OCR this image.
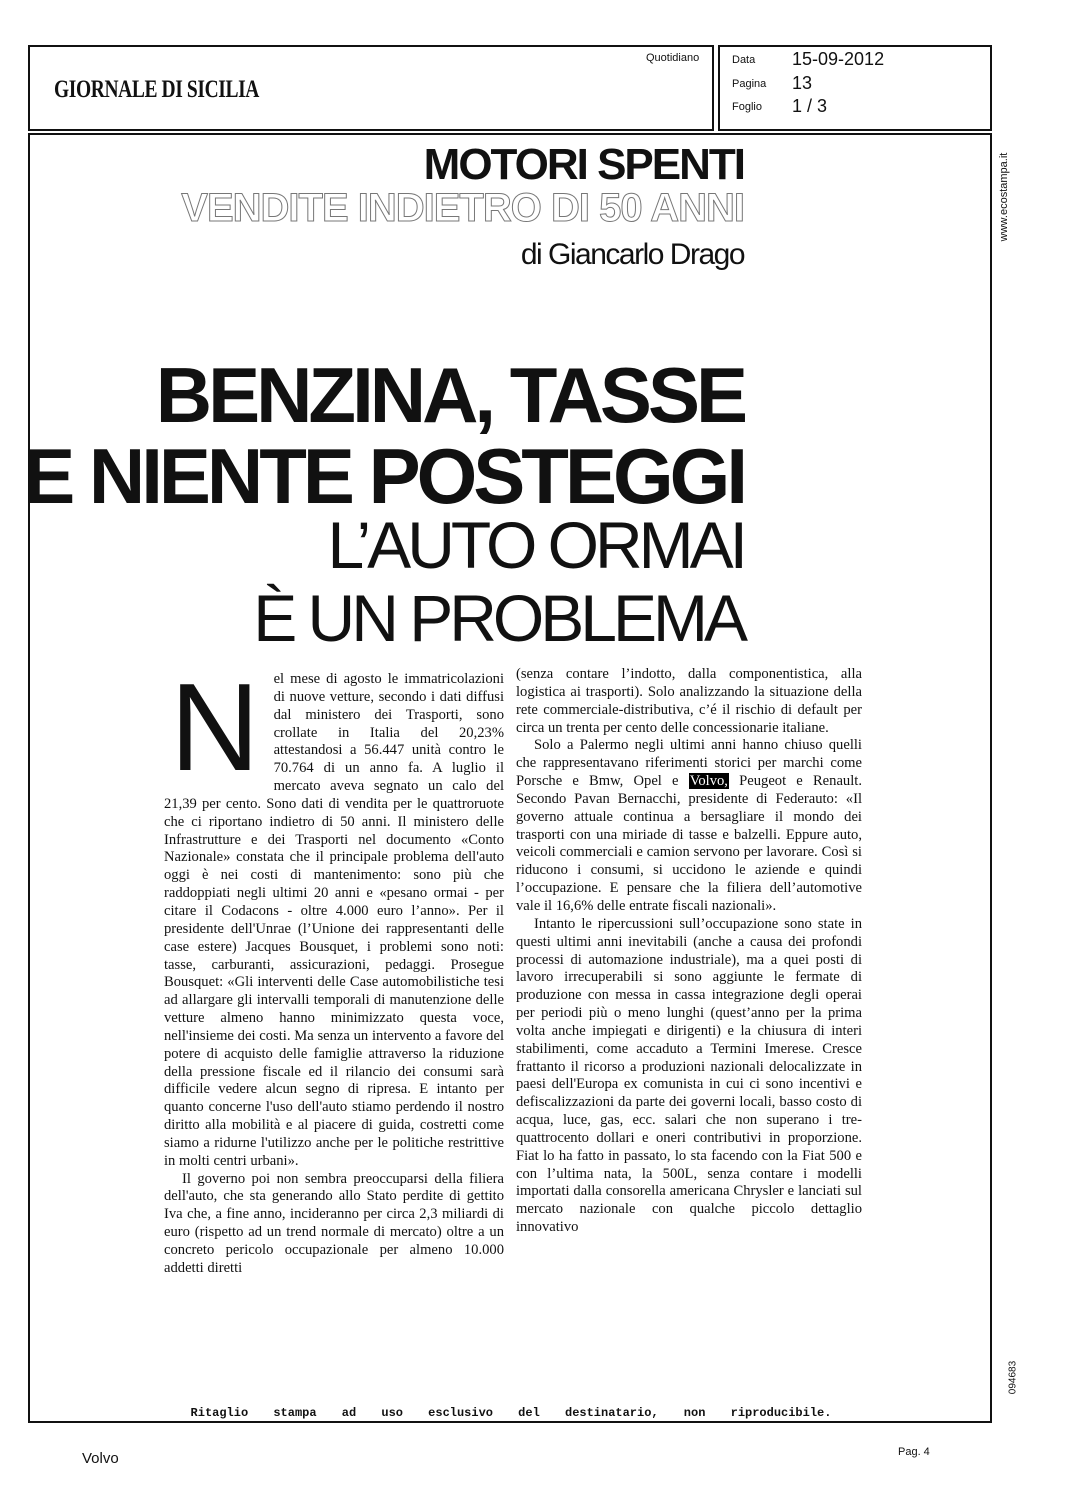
GIORNALE DI SICILIA
Quotidiano	Data 15-09-2012
Pagina 13
Foglio 1 / 3
MOTORI SPENTI
VENDITE INDIETRO DI 50 ANNI
di Giancarlo Drago
BENZINA, TASSE
E NIENTE POSTEGGI
L’AUTO ORMAI
È UN PROBLEMA

Nel mese di agosto le immatricolazioni di nuove vetture, secondo i dati diffusi dal ministero dei Trasporti, sono crollate in Italia del 20,23% attestandosi a 56.447 unità contro le 70.764 di un anno fa. A luglio il mercato aveva segnato un calo del 21,39 per cento. Sono dati di vendita per le quattroruote che ci riportano indietro di 50 anni. Il ministero delle Infrastrutture e dei Trasporti nel documento «Conto Nazionale» constata che il principale problema dell'auto oggi è nei costi di mantenimento: sono più che raddoppiati negli ultimi 20 anni e «pesano ormai - per citare il Codacons - oltre 4.000 euro l’anno». Per il presidente dell'Unrae (l’Unione dei rappresentanti delle case estere) Jacques Bousquet, i problemi sono noti: tasse, carburanti, assicurazioni, pedaggi. Prosegue Bousquet: «Gli interventi delle Case automobilistiche tesi ad allargare gli intervalli temporali di manutenzione delle vetture almeno hanno minimizzato questa voce, nell'insieme dei costi. Ma senza un intervento a favore del potere di acquisto delle famiglie attraverso la riduzione della pressione fiscale ed il rilancio dei consumi sarà difficile vedere alcun segno di ripresa. E intanto per quanto concerne l'uso dell'auto stiamo perdendo il nostro diritto alla mobilità e al piacere di guida, costretti come siamo a ridurne l'utilizzo anche per le politiche restrittive in molti centri urbani».

Il governo poi non sembra preoccuparsi della filiera dell'auto, che sta generando allo Stato perdite di gettito Iva che, a fine anno, incideranno per circa 2,3 miliardi di euro (rispetto ad un trend normale di mercato) oltre a un concreto pericolo occupazionale per almeno 10.000 addetti diretti

(senza contare l’indotto, dalla componentistica, alla logistica ai trasporti). Solo analizzando la situazione della rete commerciale-distributiva, c’é il rischio di default per circa un trenta per cento delle concessionarie italiane.

Solo a Palermo negli ultimi anni hanno chiuso quelli che rappresentavano riferimenti storici per marchi come Porsche e Bmw, Opel e Volvo, Peugeot e Renault. Secondo Pavan Bernacchi, presidente di Federauto: «Il governo attuale continua a bersagliare il mondo dei trasporti con una miriade di tasse e balzelli. Eppure auto, veicoli commerciali e camion servono per lavorare. Così si riducono i consumi, si uccidono le aziende e quindi l’occupazione. E pensare che la filiera dell’automotive vale il 16,6% delle entrate fiscali nazionali».

Intanto le ripercussioni sull’occupazione sono state in questi ultimi anni inevitabili (anche a causa dei profondi processi di automazione industriale), ma a quei posti di lavoro irrecuperabili si sono aggiunte le fermate di produzione con messa in cassa integrazione degli operai per periodi più o meno lunghi (quest’anno per la prima volta anche impiegati e dirigenti) e la chiusura di interi stabilimenti, come accaduto a Termini Imerese. Cresce frattanto il ricorso a produzioni nazionali delocalizzate in paesi dell'Europa ex comunista in cui ci sono incentivi e defiscalizzazioni da parte dei governi locali, basso costo di acqua, luce, gas, ecc. salari che non superano i tre-quattrocento dollari e oneri contributivi in proporzione. Fiat lo ha fatto in passato, lo sta facendo con la Fiat 500 e con l’ultima nata, la 500L, senza contare i modelli importati dalla consorella americana Chrysler e lanciati sul mercato nazionale con qualche piccolo dettaglio innovativo

www.ecostampa.it
094683
Ritaglio stampa ad uso esclusivo del destinatario, non riproducibile.
Volvo	Pag. 4
